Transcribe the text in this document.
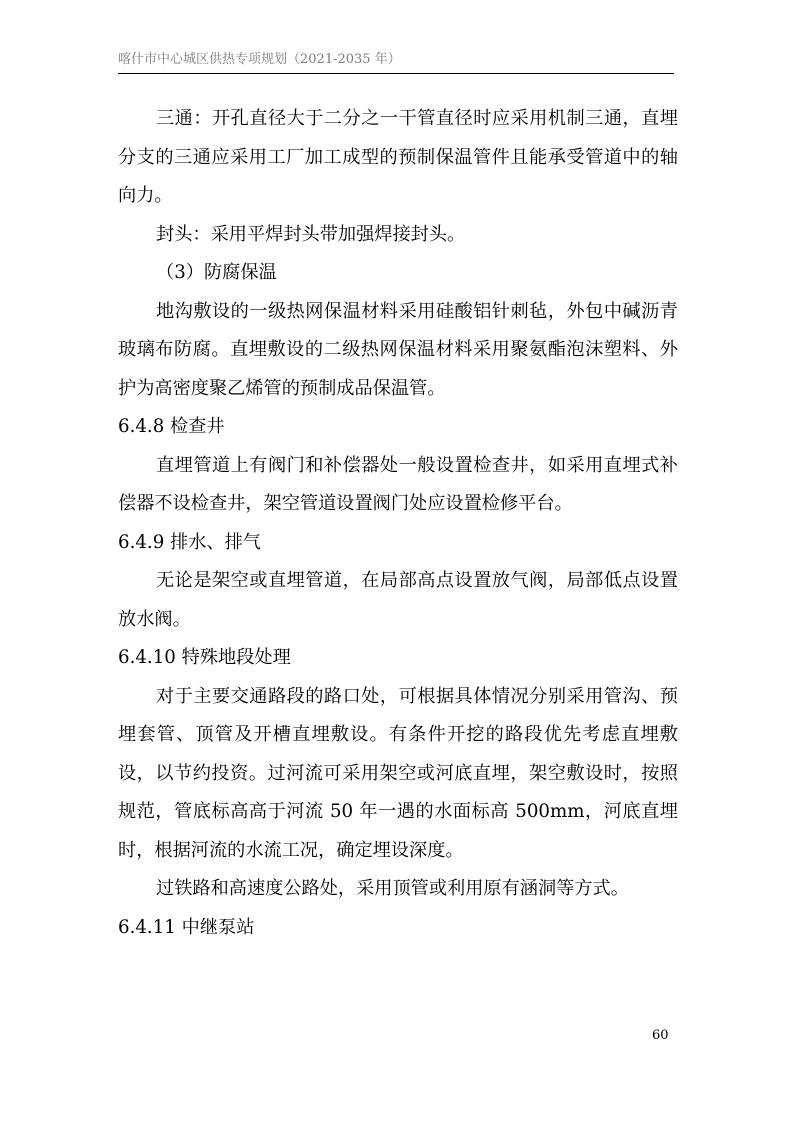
喀什市中心城区供热专项规划（2021-2035 年）

三通：开孔直径大于二分之一干管直径时应采用机制三通，直埋分支的三通应采用工厂加工成型的预制保温管件且能承受管道中的轴向力。

封头：采用平焊封头带加强焊接封头。

（3）防腐保温

地沟敷设的一级热网保温材料采用硅酸铝针刺毡，外包中碱沥青玻璃布防腐。直埋敷设的二级热网保温材料采用聚氨酯泡沫塑料、外护为高密度聚乙烯管的预制成品保温管。

6.4.8 检查井

直埋管道上有阀门和补偿器处一般设置检查井，如采用直埋式补偿器不设检查井，架空管道设置阀门处应设置检修平台。

6.4.9 排水、排气

无论是架空或直埋管道，在局部高点设置放气阀，局部低点设置放水阀。

6.4.10 特殊地段处理

对于主要交通路段的路口处，可根据具体情况分别采用管沟、预埋套管、顶管及开槽直埋敷设。有条件开挖的路段优先考虑直埋敷设，以节约投资。过河流可采用架空或河底直埋，架空敷设时，按照规范，管底标高高于河流 50 年一遇的水面标高 500mm，河底直埋时，根据河流的水流工况，确定埋设深度。

过铁路和高速度公路处，采用顶管或利用原有涵洞等方式。

6.4.11 中继泵站

60
